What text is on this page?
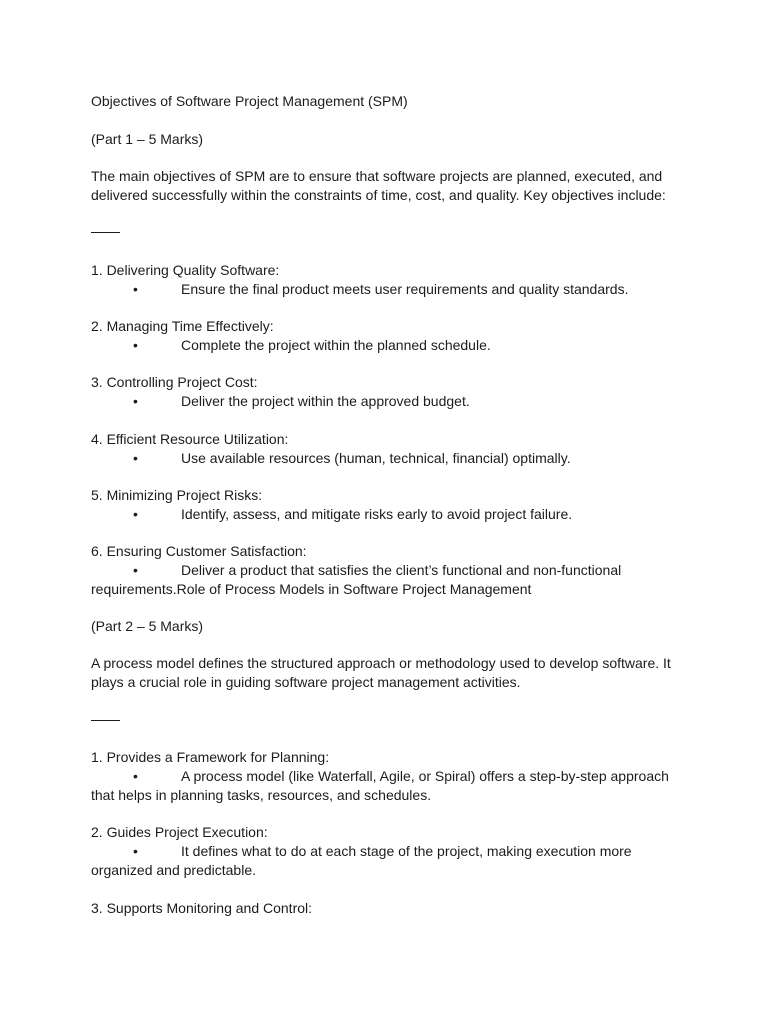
Objectives of Software Project Management (SPM)
(Part 1 – 5 Marks)
The main objectives of SPM are to ensure that software projects are planned, executed, and
delivered successfully within the constraints of time, cost, and quality. Key objectives include:
1. Delivering Quality Software:
•	Ensure the final product meets user requirements and quality standards.
2. Managing Time Effectively:
•	Complete the project within the planned schedule.
3. Controlling Project Cost:
•	Deliver the project within the approved budget.
4. Efficient Resource Utilization:
•	Use available resources (human, technical, financial) optimally.
5. Minimizing Project Risks:
•	Identify, assess, and mitigate risks early to avoid project failure.
6. Ensuring Customer Satisfaction:
•	Deliver a product that satisfies the client’s functional and non-functional
requirements.Role of Process Models in Software Project Management
(Part 2 – 5 Marks)
A process model defines the structured approach or methodology used to develop software. It
plays a crucial role in guiding software project management activities.
1. Provides a Framework for Planning:
•	A process model (like Waterfall, Agile, or Spiral) offers a step-by-step approach
that helps in planning tasks, resources, and schedules.
2. Guides Project Execution:
•	It defines what to do at each stage of the project, making execution more
organized and predictable.
3. Supports Monitoring and Control:
